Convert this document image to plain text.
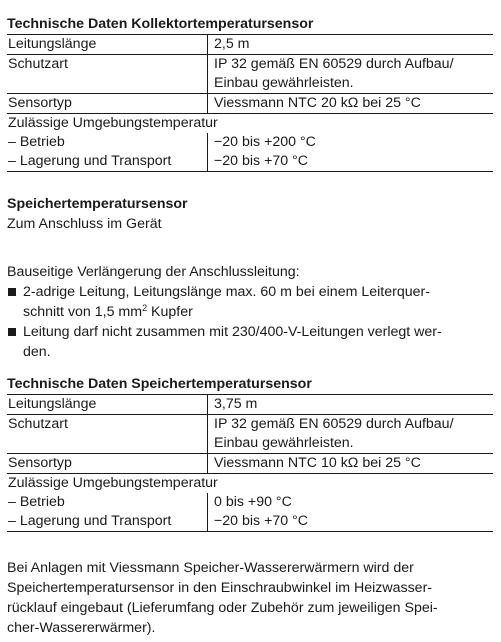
Technische Daten Kollektortemperatursensor
Leitungslänge	2,5 m
Schutzart	IP 32 gemäß EN 60529 durch Aufbau/
Einbau gewährleisten.

Sensortyp	Viessmann NTC 20 kΩ bei 25 °C
Zulässige Umgebungstemperatur	
– Betrieb	−20 bis +200 °C
– Lagerung und Transport	−20 bis +70 °C
Speichertemperatursensor

Zum Anschluss im Gerät

Bauseitige Verlängerung der Anschlussleitung:

2-adrige Leitung, Leitungslänge max. 60 m bei einem Leiterquer-
schnitt von 1,5 $mm^2$ Kupfer
Leitung darf nicht zusammen mit 230/400-V-Leitungen verlegt wer-
den.
Technische Daten Speichertemperatursensor
Leitungslänge	3,75 m
Schutzart	IP 32 gemäß EN 60529 durch Aufbau/
Einbau gewährleisten.

Sensortyp	Viessmann NTC 10 kΩ bei 25 °C
Zulässige Umgebungstemperatur	
– Betrieb	0 bis +90 °C
– Lagerung und Transport	−20 bis +70 °C

Bei Anlagen mit Viessmann Speicher-Wassererwärmern wird der

Speichertemperatursensor in den Einschraubwinkel im Heizwasser-

rücklauf eingebaut (Lieferumfang oder Zubehör zum jeweiligen Spei-

cher-Wassererwärmer).
